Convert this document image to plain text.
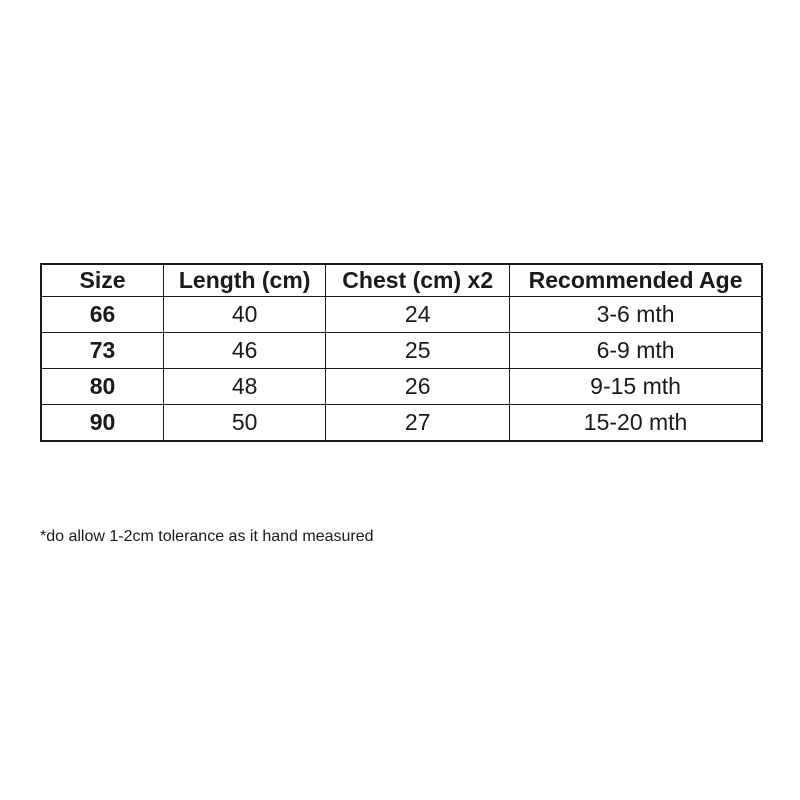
Size	Length (cm)	Chest (cm) x2	Recommended Age
66	40	24	3-6 mth
73	46	25	6-9 mth
80	48	26	9-15 mth
90	50	27	15-20 mth
*do allow 1-2cm tolerance as it hand measured
